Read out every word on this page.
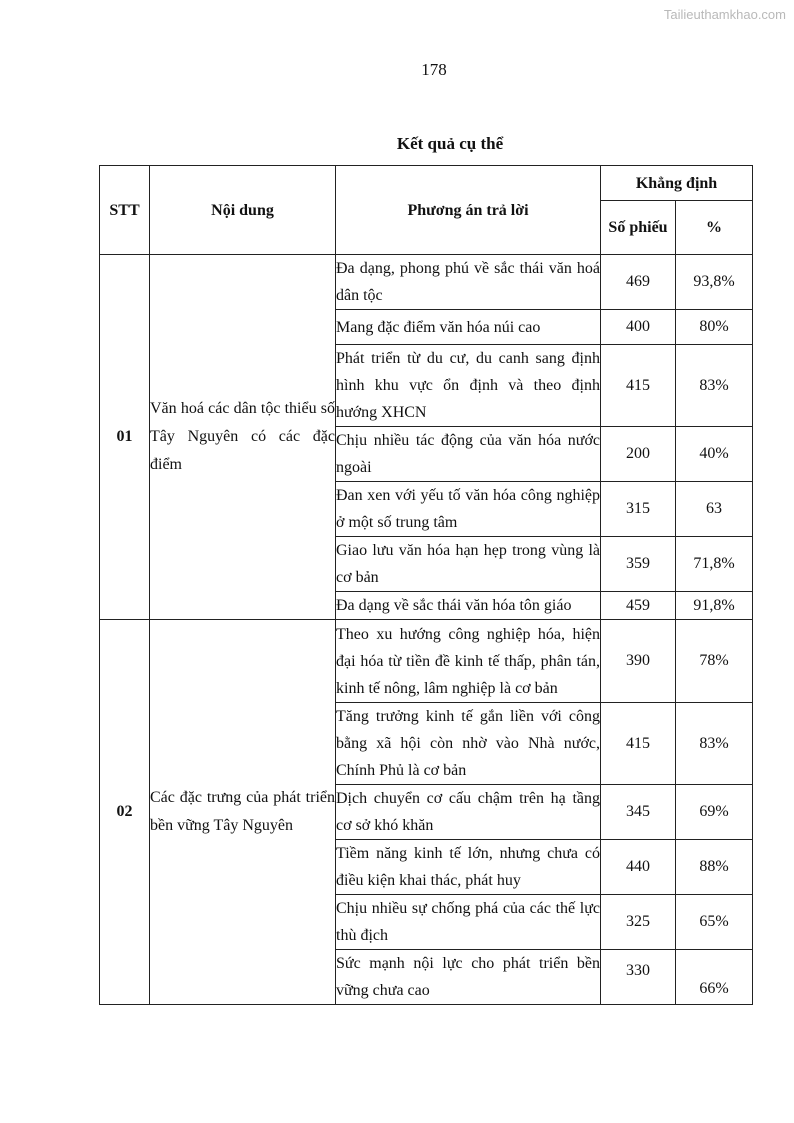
Tailieuthamkhao.com
178
Kết quả cụ thể
STT	Nội dung	Phương án trả lời	Khẳng định	
			Số phiếu	%
01	Văn hoá các dân tộc thiểu số Tây Nguyên có các đặc điểm	Đa dạng, phong phú về sắc thái văn hoá dân tộc	469	93,8%
		Mang đặc điểm văn hóa núi cao	400	80%
		Phát triển từ du cư, du canh sang định hình khu vực ổn định và theo định hướng XHCN	415	83%
		Chịu nhiều tác động của văn hóa nước ngoài	200	40%
		Đan xen với yếu tố văn hóa công nghiệp ở một số trung tâm	315	63
		Giao lưu văn hóa hạn hẹp trong vùng là cơ bản	359	71,8%
		Đa dạng về sắc thái văn hóa tôn giáo	459	91,8%
02	Các đặc trưng của phát triển bền vững Tây Nguyên	Theo xu hướng công nghiệp hóa, hiện đại hóa từ tiền đề kinh tế thấp, phân tán, kinh tế nông, lâm nghiệp là cơ bản	390	78%
		Tăng trưởng kinh tế gắn liền với công bằng xã hội còn nhờ vào Nhà nước, Chính Phủ là cơ bản	415	83%
		Dịch chuyển cơ cấu chậm trên hạ tầng cơ sở khó khăn	345	69%
		Tiềm năng kinh tế lớn, nhưng chưa có điều kiện khai thác, phát huy	440	88%
		Chịu nhiều sự chống phá của các thế lực thù địch	325	65%
		Sức mạnh nội lực cho phát triển bền vững chưa cao	330	66%
